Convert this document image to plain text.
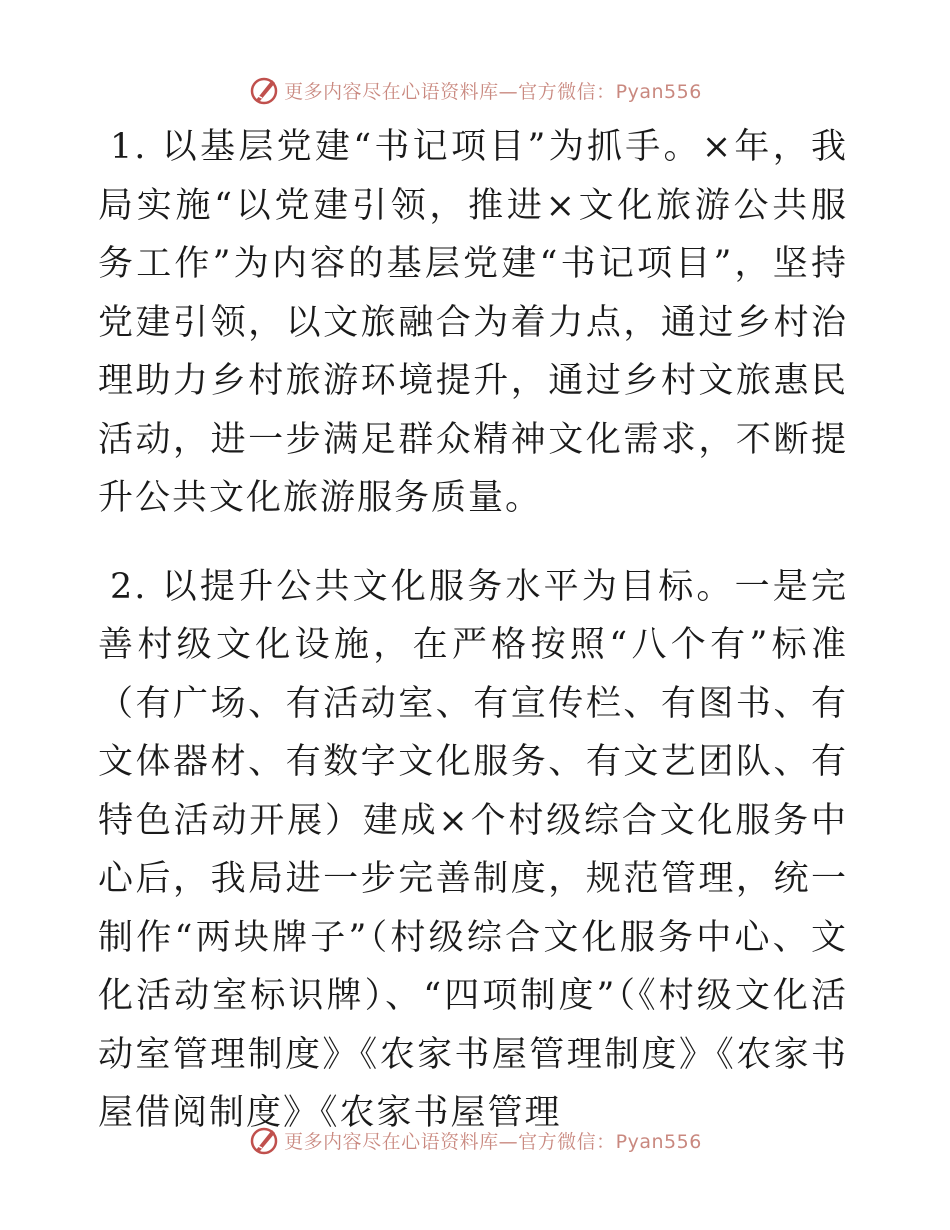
更多内容尽在心语资料库—官方微信：Pyan556

1. 以基层党建“书记项目”为抓手。×年，我局实施“以党建引领，推进×文化旅游公共服务工作”为内容的基层党建“书记项目”，坚持党建引领，以文旅融合为着力点，通过乡村治理助力乡村旅游环境提升，通过乡村文旅惠民活动，进一步满足群众精神文化需求，不断提升公共文化旅游服务质量。

2. 以提升公共文化服务水平为目标。一是完善村级文化设施，在严格按照“八个有”标准（有广场、有活动室、有宣传栏、有图书、有文体器材、有数字文化服务、有文艺团队、有特色活动开展）建成×个村级综合文化服务中心后，我局进一步完善制度，规范管理，统一制作“两块牌子”（村级综合文化服务中心、文化活动室标识牌）、“四项制度”（《村级文化活动室管理制度》《农家书屋管理制度》《农家书屋借阅制度》《农家书屋管理

更多内容尽在心语资料库—官方微信：Pyan556
